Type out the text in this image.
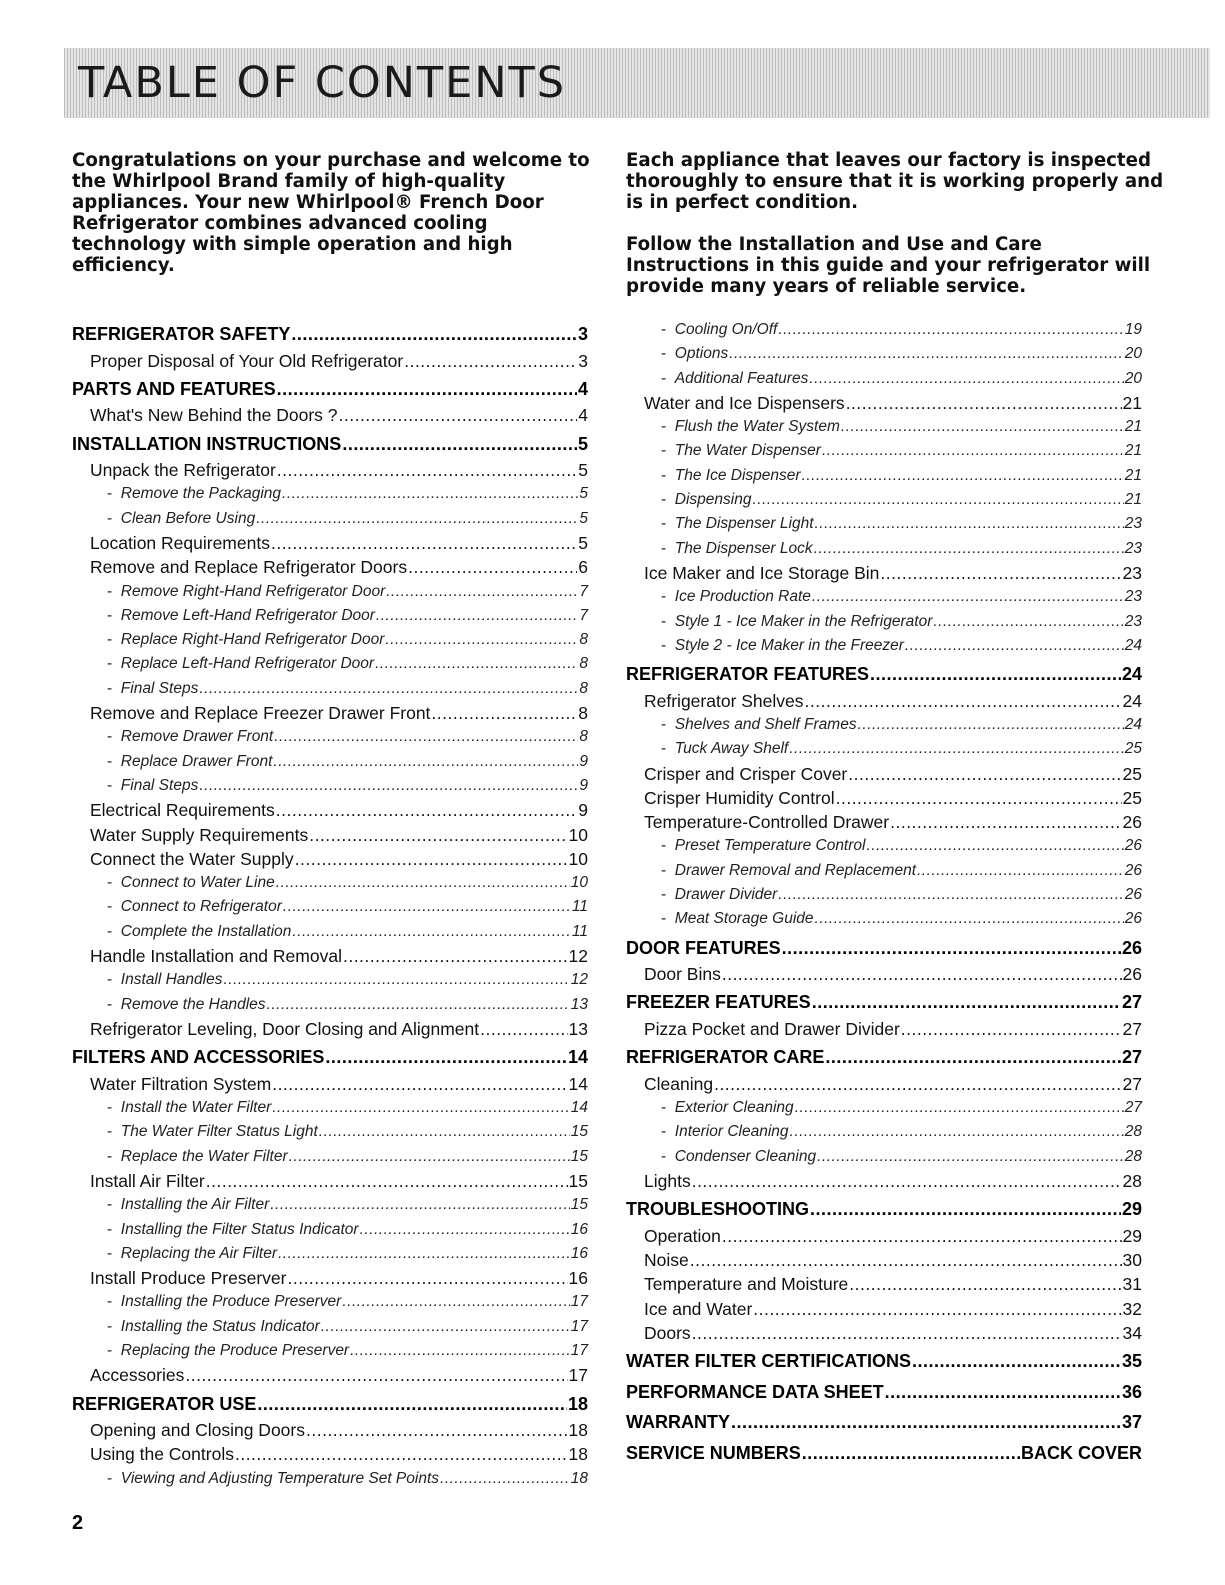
TABLE OF CONTENTS

Congratulations on your purchase and welcome to the Whirlpool Brand family of high-quality appliances. Your new Whirlpool® French Door Refrigerator combines advanced cooling technology with simple operation and high efficiency.

Each appliance that leaves our factory is inspected thoroughly to ensure that it is working properly and is in perfect condition.

Follow the Installation and Use and Care Instructions in this guide and your refrigerator will provide many years of reliable service.

REFRIGERATOR SAFETY .....	3
Proper Disposal of Your Old Refrigerator .....	3
PARTS AND FEATURES .....	4
What's New Behind the Doors ? .....	4
INSTALLATION INSTRUCTIONS .....	5
Unpack the Refrigerator .....	5
- Remove the Packaging .....	5
- Clean Before Using .....	5
Location Requirements .....	5
Remove and Replace Refrigerator Doors .....	6
- Remove Right-Hand Refrigerator Door .....	7
- Remove Left-Hand Refrigerator Door .....	7
- Replace Right-Hand Refrigerator Door .....	8
- Replace Left-Hand Refrigerator Door .....	8
- Final Steps .....	8
Remove and Replace Freezer Drawer Front .....	8
- Remove Drawer Front .....	8
- Replace Drawer Front .....	9
- Final Steps .....	9
Electrical Requirements .....	9
Water Supply Requirements .....	10
Connect the Water Supply .....	10
- Connect to Water Line .....	10
- Connect to Refrigerator .....	11
- Complete the Installation .....	11
Handle Installation and Removal .....	12
- Install Handles .....	12
- Remove the Handles .....	13
Refrigerator Leveling, Door Closing and Alignment .....	13
FILTERS AND ACCESSORIES .....	14
Water Filtration System .....	14
- Install the Water Filter .....	14
- The Water Filter Status Light .....	15
- Replace the Water Filter .....	15
Install Air Filter .....	15
- Installing the Air Filter .....	15
- Installing the Filter Status Indicator .....	16
- Replacing the Air Filter .....	16
Install Produce Preserver .....	16
- Installing the Produce Preserver .....	17
- Installing the Status Indicator .....	17
- Replacing the Produce Preserver .....	17
Accessories .....	17
REFRIGERATOR USE .....	18
Opening and Closing Doors .....	18
Using the Controls .....	18
- Viewing and Adjusting Temperature Set Points .....	18
- Cooling On/Off .....	19
- Options .....	20
- Additional Features .....	20
Water and Ice Dispensers .....	21
- Flush the Water System .....	21
- The Water Dispenser .....	21
- The Ice Dispenser .....	21
- Dispensing .....	21
- The Dispenser Light .....	23
- The Dispenser Lock .....	23
Ice Maker and Ice Storage Bin .....	23
- Ice Production Rate .....	23
- Style 1 - Ice Maker in the Refrigerator .....	23
- Style 2 - Ice Maker in the Freezer .....	24
REFRIGERATOR FEATURES .....	24
Refrigerator Shelves .....	24
- Shelves and Shelf Frames .....	24
- Tuck Away Shelf .....	25
Crisper and Crisper Cover .....	25
Crisper Humidity Control .....	25
Temperature-Controlled Drawer .....	26
- Preset Temperature Control .....	26
- Drawer Removal and Replacement .....	26
- Drawer Divider .....	26
- Meat Storage Guide .....	26
DOOR FEATURES .....	26
Door Bins .....	26
FREEZER FEATURES .....	27
Pizza Pocket and Drawer Divider .....	27
REFRIGERATOR CARE .....	27
Cleaning .....	27
- Exterior Cleaning .....	27
- Interior Cleaning .....	28
- Condenser Cleaning .....	28
Lights .....	28
TROUBLESHOOTING .....	29
Operation .....	29
Noise .....	30
Temperature and Moisture .....	31
Ice and Water .....	32
Doors .....	34
WATER FILTER CERTIFICATIONS .....	35
PERFORMANCE DATA SHEET .....	36
WARRANTY .....	37
SERVICE NUMBERS .....	BACK COVER
2
